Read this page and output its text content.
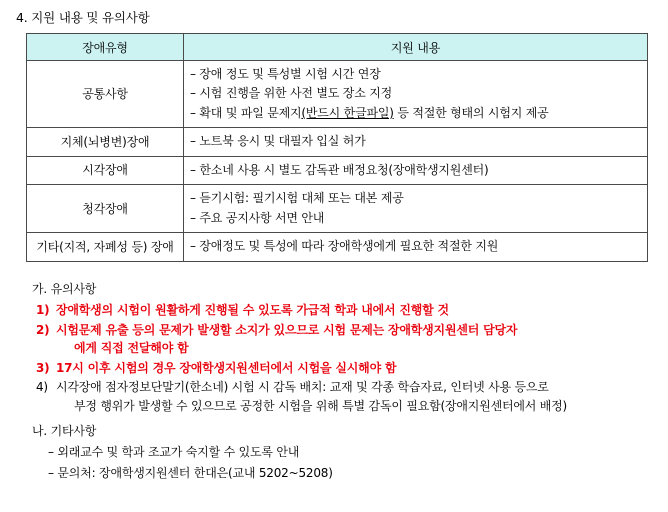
4. 지원 내용 및 유의사항
장애유형	지원 내용
공통사항	– 장애 정도 및 특성별 시험 시간 연장
– 시험 진행을 위한 사전 별도 장소 지정
– 확대 및 파일 문제지(반드시 한글파일) 등 적절한 형태의 시험지 제공

지체(뇌병변)장애	– 노트북 응시 및 대필자 입실 허가

시각장애	– 한소네 사용 시 별도 감독관 배정요청(장애학생지원센터)

청각장애	– 듣기시험: 필기시험 대체 또는 대본 제공
– 주요 공지사항 서면 안내

기타(지적, 자폐성 등) 장애	– 장애정도 및 특성에 따라 장애학생에게 필요한 적절한 지원
가. 유의사항
1) 장애학생의 시험이 원활하게 진행될 수 있도록 가급적 학과 내에서 진행할 것
2) 시험문제 유출 등의 문제가 발생할 소지가 있으므로 시험 문제는 장애학생지원센터 담당자
에게 직접 전달해야 함
3) 17시 이후 시험의 경우 장애학생지원센터에서 시험을 실시해야 함
4) 시각장애 점자정보단말기(한소네) 시험 시 감독 배치: 교재 및 각종 학습자료, 인터넷 사용 등으로
부정 행위가 발생할 수 있으므로 공정한 시험을 위해 특별 감독이 필요함(장애지원센터에서 배정)
나. 기타사항
– 외래교수 및 학과 조교가 숙지할 수 있도록 안내
– 문의처: 장애학생지원센터 한대은(교내 5202~5208)
